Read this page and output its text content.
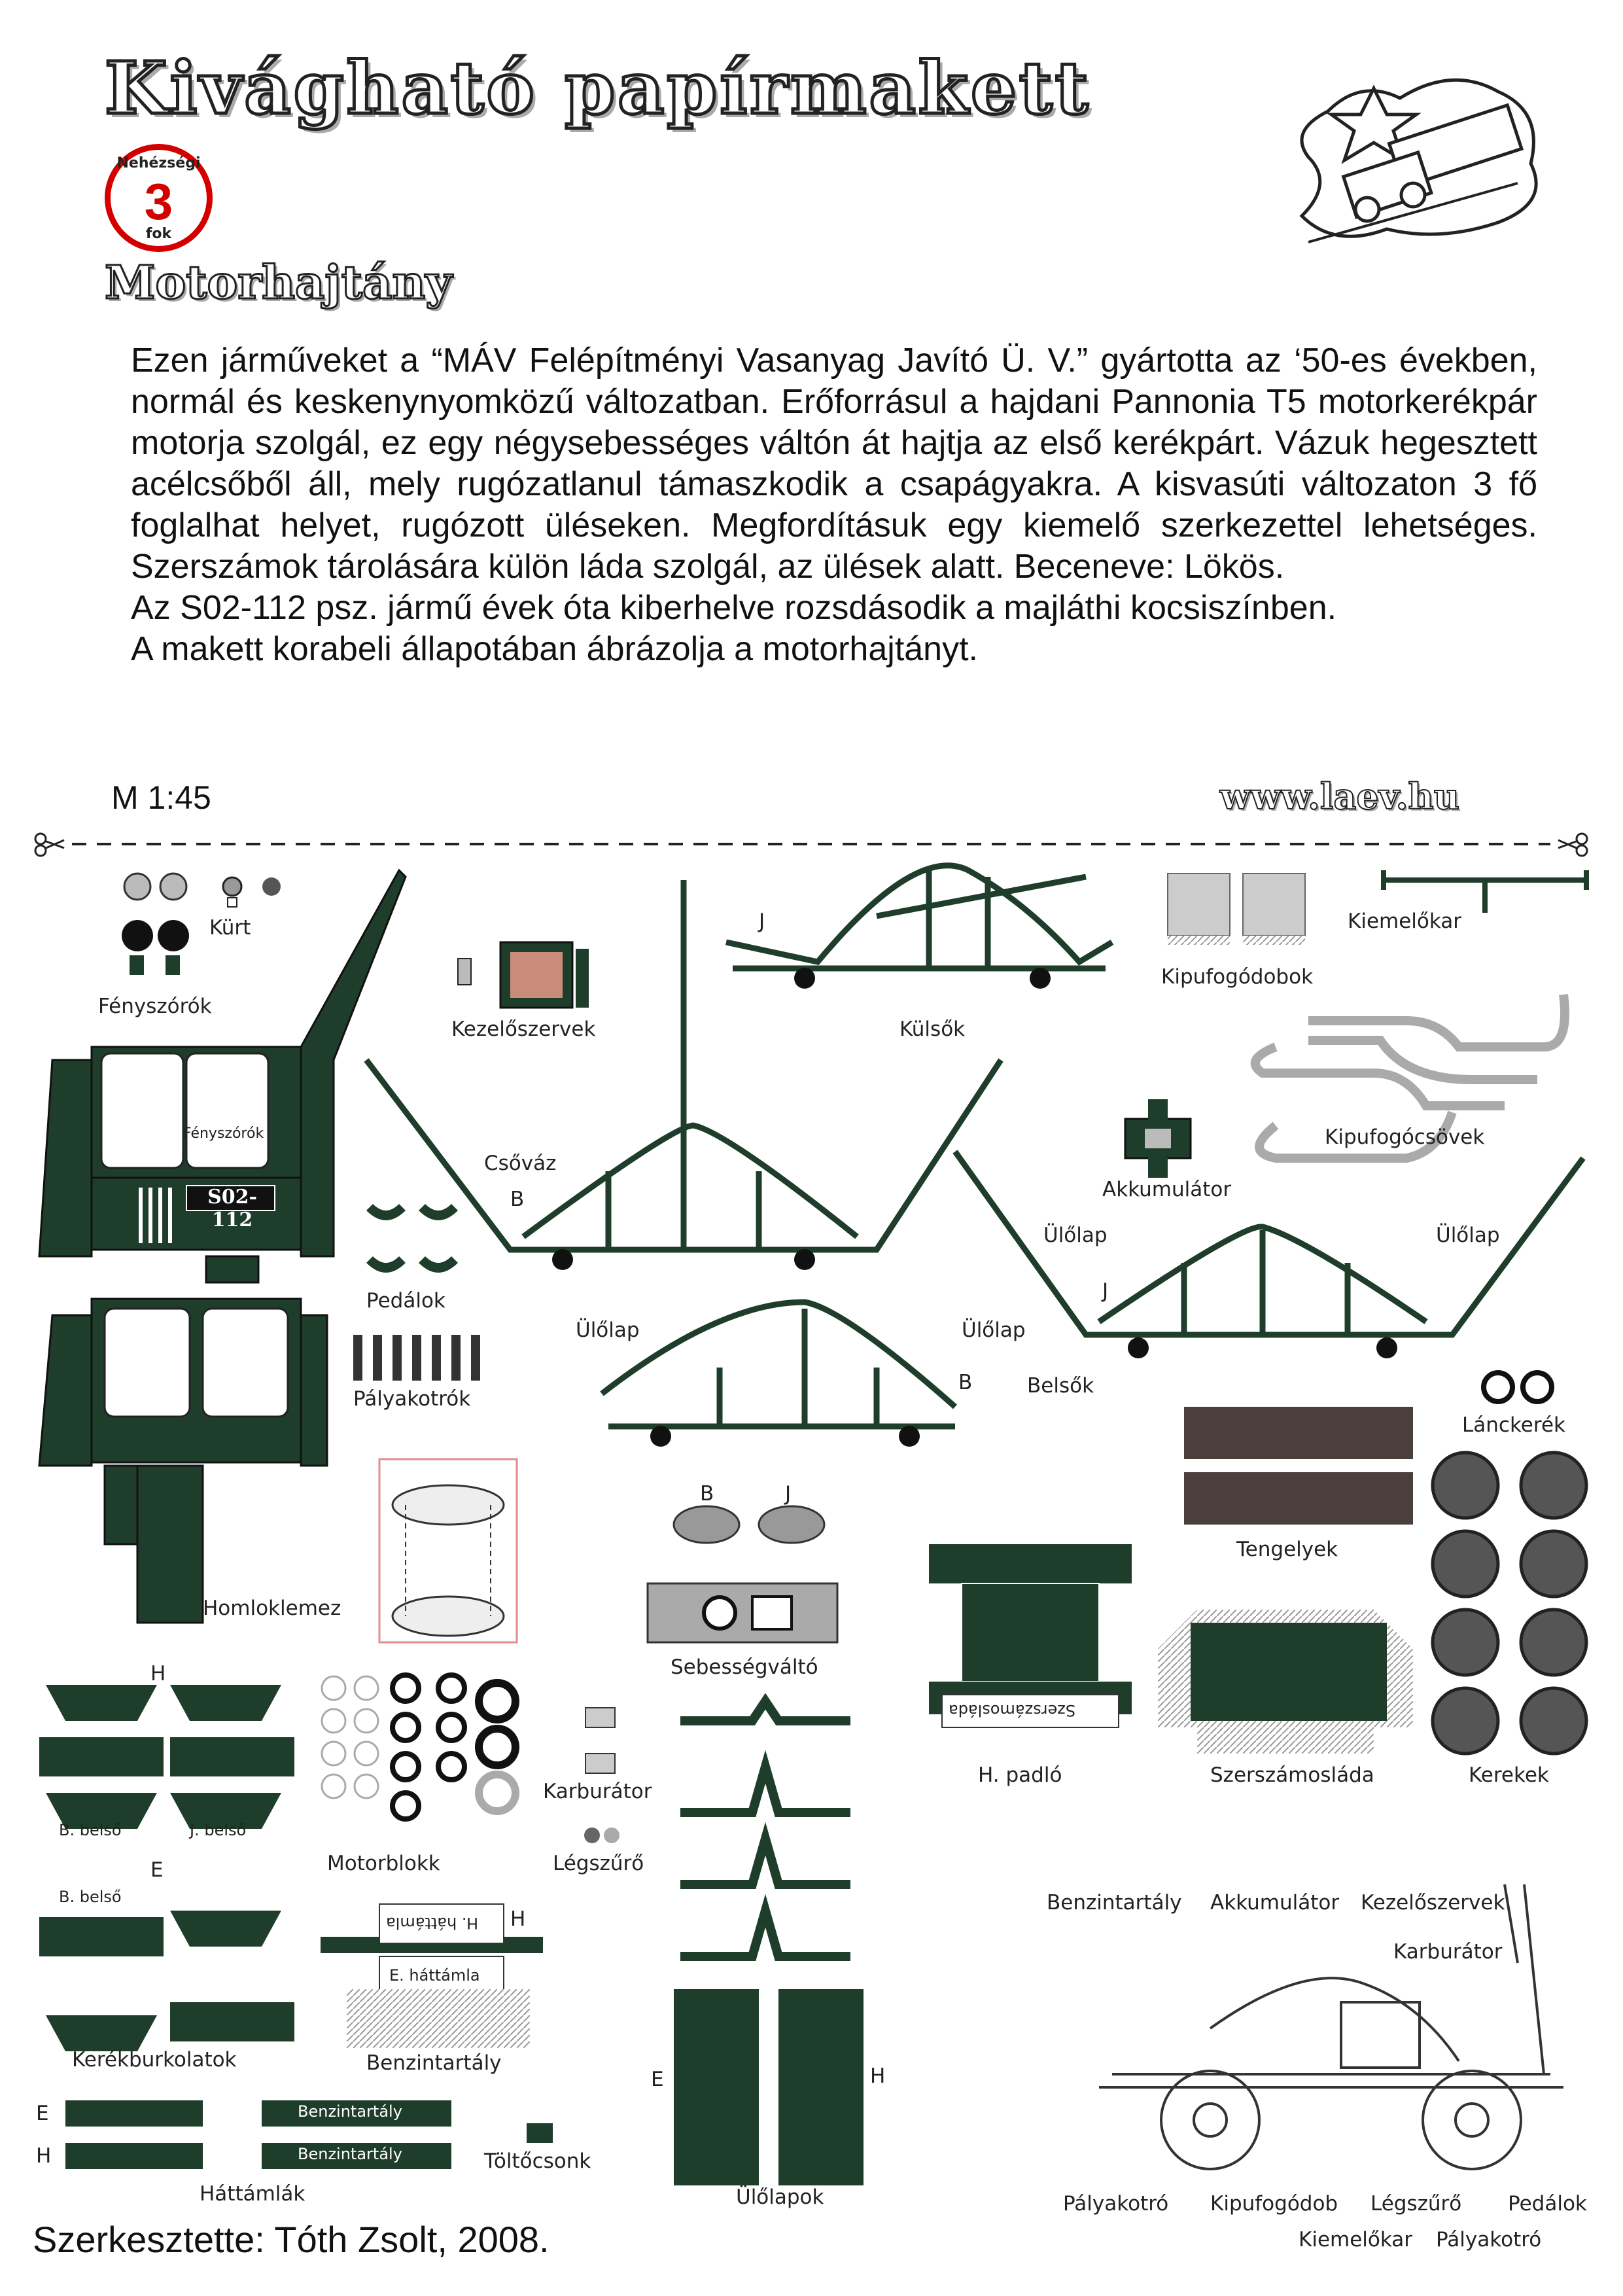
Kivágható papírmakett
Nehézségi
3
fok
Motorhajtány

Ezen járműveket a “MÁV Felépítményi Vasanyag Javító Ü. V.” gyártotta az ‘50-es években, normál és keskenynyomközű változatban. Erőforrásul a hajdani Pannonia T5 motorkerékpár motorja szolgál, ez egy négysebességes váltón át hajtja az első kerékpárt. Vázuk hegesztett acélcsőből áll, mely rugózatlanul támaszkodik a csapágyakra. A kisvasúti változaton 3 fő foglalhat helyet, rugózott üléseken. Megfordításuk egy kiemelő szerkezettel lehetséges. Szerszámok tárolására külön láda szolgál, az ülések alatt. Beceneve: Lökös.

Az S02-112 psz. jármű évek óta kiberhelve rozsdásodik a majláthi kocsiszínben.

A makett korabeli állapotában ábrázolja a motorhajtányt.

M 1:45	www.laev.hu
Kürt
Fényszórók
Fényszórók
S02-112
Kezelőszervek	Külsők
J
Kipufogódobok
Kiemelőkar
Csőváz
B
Kipufogócsövek
Akkumulátor
Ülőlap	Ülőlap
Ülőlap	Ülőlap
J
B	Belsők
Pedálok
Pályakotrók
Lánckerék
Homloklemez
B	J
Sebességváltó
Tengelyek
H
B. belső	J. belső
Karburátor
Légszűrő
Motorblokk
Szerszámosláda
H. padló	Szerszámosláda	Kerekek
E
B. belső
H. háttámla
E. háttámla
H
Kerékburkolatok	Benzintartály
E	H
Benzintartály
Benzintartály
E
H	Töltőcsonk
Háttámlák	Ülőlapok
Benzintartály Akkumulátor Kezelőszervek
Karburátor
Pályakotró Kipufogódob Légszűrő Pedálok
Kiemelőkar Pályakotró
Szerkesztette: Tóth Zsolt, 2008.
